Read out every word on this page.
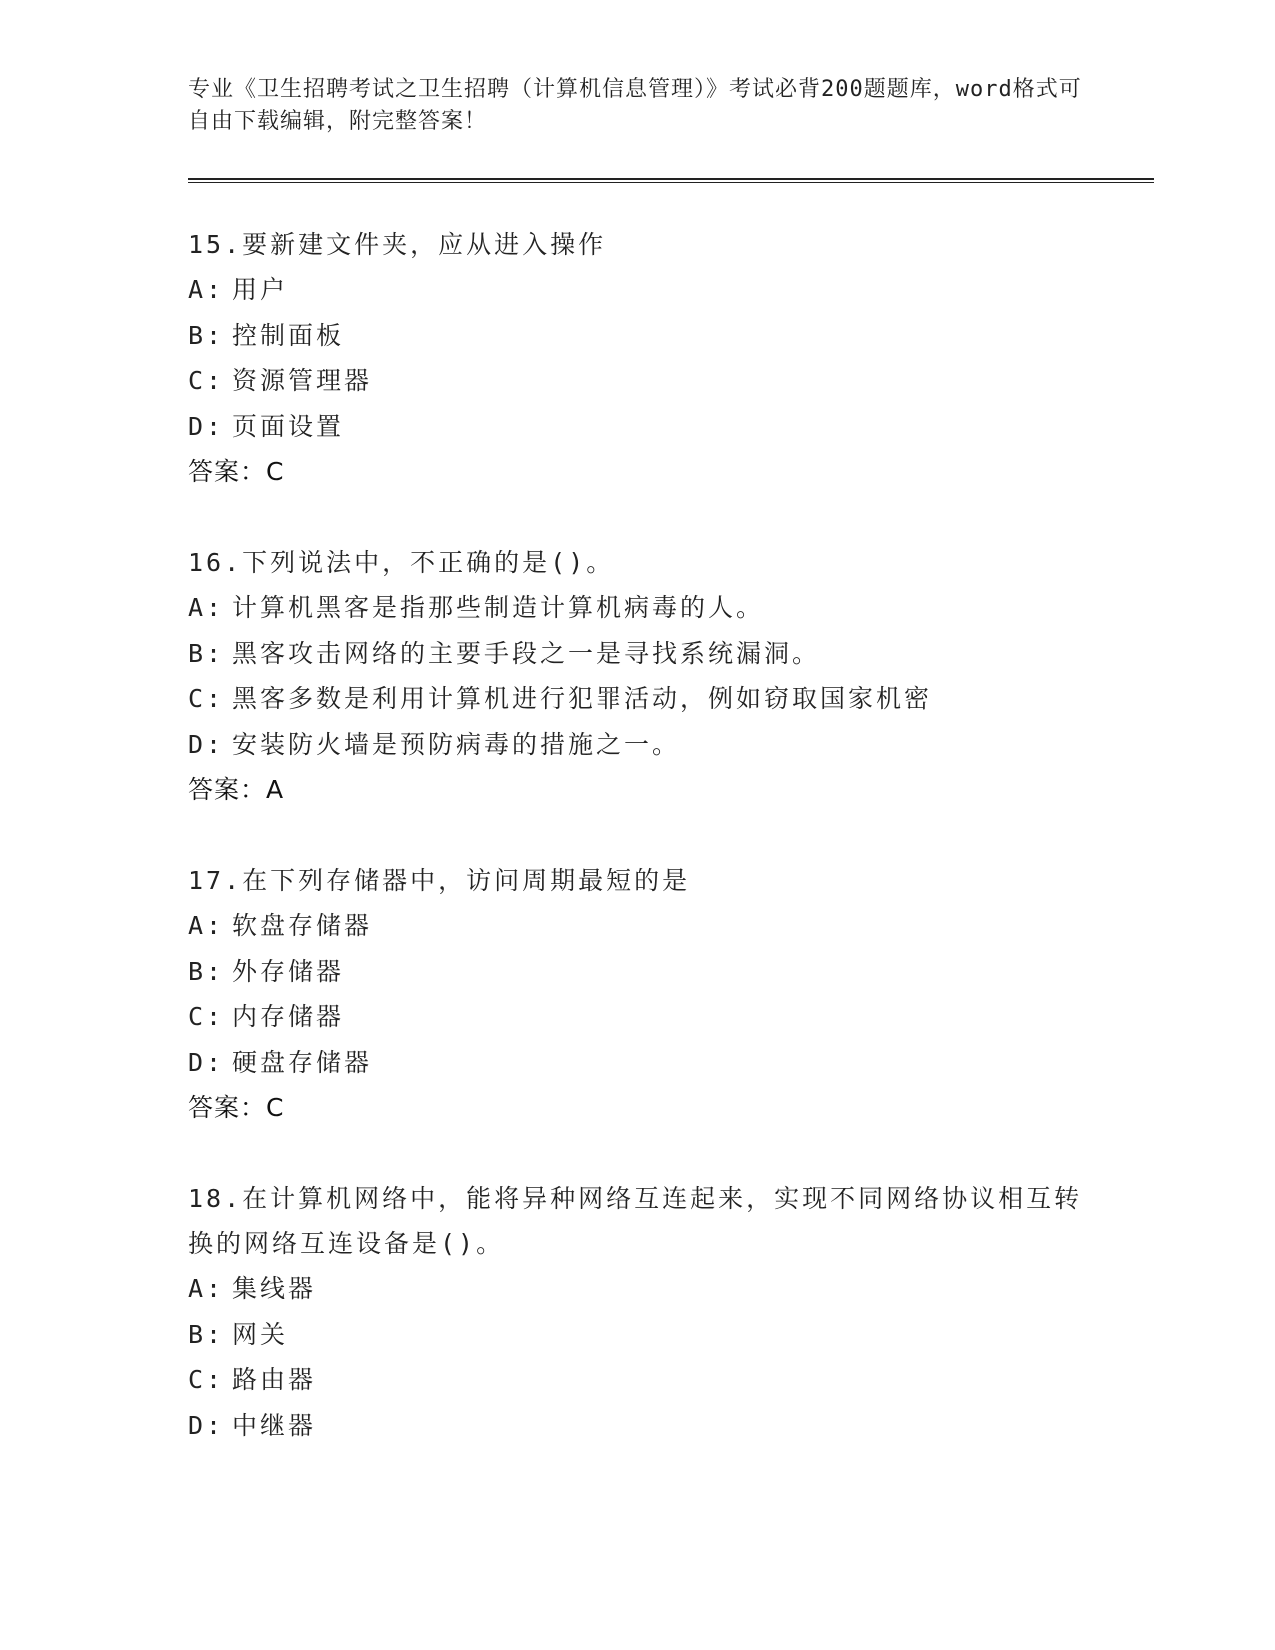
专业《卫生招聘考试之卫生招聘（计算机信息管理）》考试必背200题题库，word格式可自由下载编辑，附完整答案！
15.要新建文件夹，应从进入操作
A: 用户
B: 控制面板
C: 资源管理器
D: 页面设置
答案：C
16.下列说法中，不正确的是()。
A: 计算机黑客是指那些制造计算机病毒的人。
B: 黑客攻击网络的主要手段之一是寻找系统漏洞。
C: 黑客多数是利用计算机进行犯罪活动，例如窃取国家机密
D: 安装防火墙是预防病毒的措施之一。
答案：A
17.在下列存储器中，访问周期最短的是
A: 软盘存储器
B: 外存储器
C: 内存储器
D: 硬盘存储器
答案：C
18.在计算机网络中，能将异种网络互连起来，实现不同网络协议相互转换的网络互连设备是()。
A: 集线器
B: 网关
C: 路由器
D: 中继器
